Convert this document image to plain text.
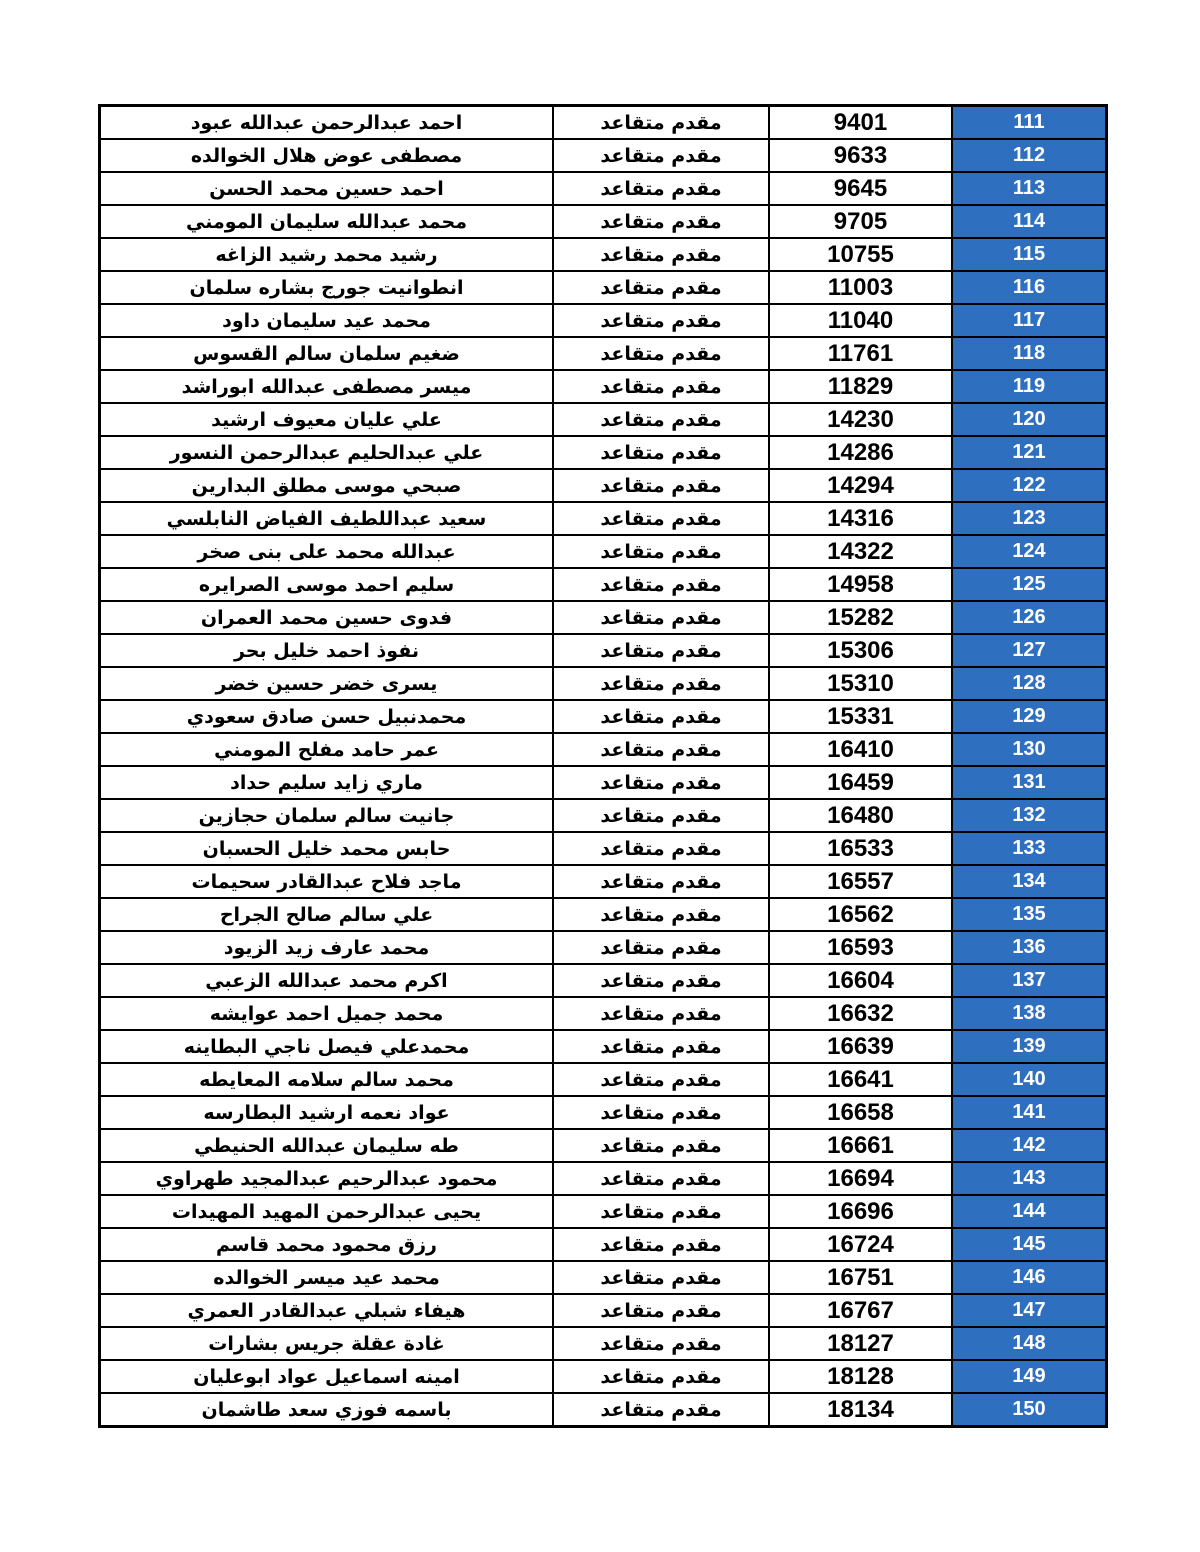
احمد عبدالرحمن عبدالله عبود	مقدم متقاعد	9401	111
مصطفى عوض هلال الخوالده	مقدم متقاعد	9633	112
احمد حسين محمد الحسن	مقدم متقاعد	9645	113
محمد عبدالله سليمان المومني	مقدم متقاعد	9705	114
رشيد محمد رشيد الزاغه	مقدم متقاعد	10755	115
انطوانيت جورج بشاره سلمان	مقدم متقاعد	11003	116
محمد عيد سليمان داود	مقدم متقاعد	11040	117
ضغيم سلمان سالم القسوس	مقدم متقاعد	11761	118
ميسر مصطفى عبدالله ابوراشد	مقدم متقاعد	11829	119
علي عليان معيوف ارشيد	مقدم متقاعد	14230	120
علي عبدالحليم عبدالرحمن النسور	مقدم متقاعد	14286	121
صبحي موسى مطلق البدارين	مقدم متقاعد	14294	122
سعيد عبداللطيف الفياض النابلسي	مقدم متقاعد	14316	123
عبدالله محمد على بنى صخر	مقدم متقاعد	14322	124
سليم احمد موسى الصرايره	مقدم متقاعد	14958	125
فدوى حسين محمد العمران	مقدم متقاعد	15282	126
نفوذ احمد خليل بحر	مقدم متقاعد	15306	127
يسرى خضر حسين خضر	مقدم متقاعد	15310	128
محمدنبيل حسن صادق سعودي	مقدم متقاعد	15331	129
عمر حامد مفلح المومني	مقدم متقاعد	16410	130
ماري زايد سليم حداد	مقدم متقاعد	16459	131
جانيت سالم سلمان حجازين	مقدم متقاعد	16480	132
حابس محمد خليل الحسبان	مقدم متقاعد	16533	133
ماجد فلاح عبدالقادر سحيمات	مقدم متقاعد	16557	134
علي سالم صالح الجراح	مقدم متقاعد	16562	135
محمد عارف زيد الزيود	مقدم متقاعد	16593	136
اكرم محمد عبدالله الزعبي	مقدم متقاعد	16604	137
محمد جميل احمد عوايشه	مقدم متقاعد	16632	138
محمدعلي فيصل ناجي البطاينه	مقدم متقاعد	16639	139
محمد سالم سلامه المعايطه	مقدم متقاعد	16641	140
عواد نعمه ارشيد البطارسه	مقدم متقاعد	16658	141
طه سليمان عبدالله الحنيطي	مقدم متقاعد	16661	142
محمود عبدالرحيم عبدالمجيد طهراوي	مقدم متقاعد	16694	143
يحيى عبدالرحمن المهيد المهيدات	مقدم متقاعد	16696	144
رزق محمود محمد قاسم	مقدم متقاعد	16724	145
محمد عيد ميسر الخوالده	مقدم متقاعد	16751	146
هيفاء شبلي عبدالقادر العمري	مقدم متقاعد	16767	147
غادة عقلة جريس بشارات	مقدم متقاعد	18127	148
امينه اسماعيل عواد ابوعليان	مقدم متقاعد	18128	149
باسمه فوزي سعد طاشمان	مقدم متقاعد	18134	150
